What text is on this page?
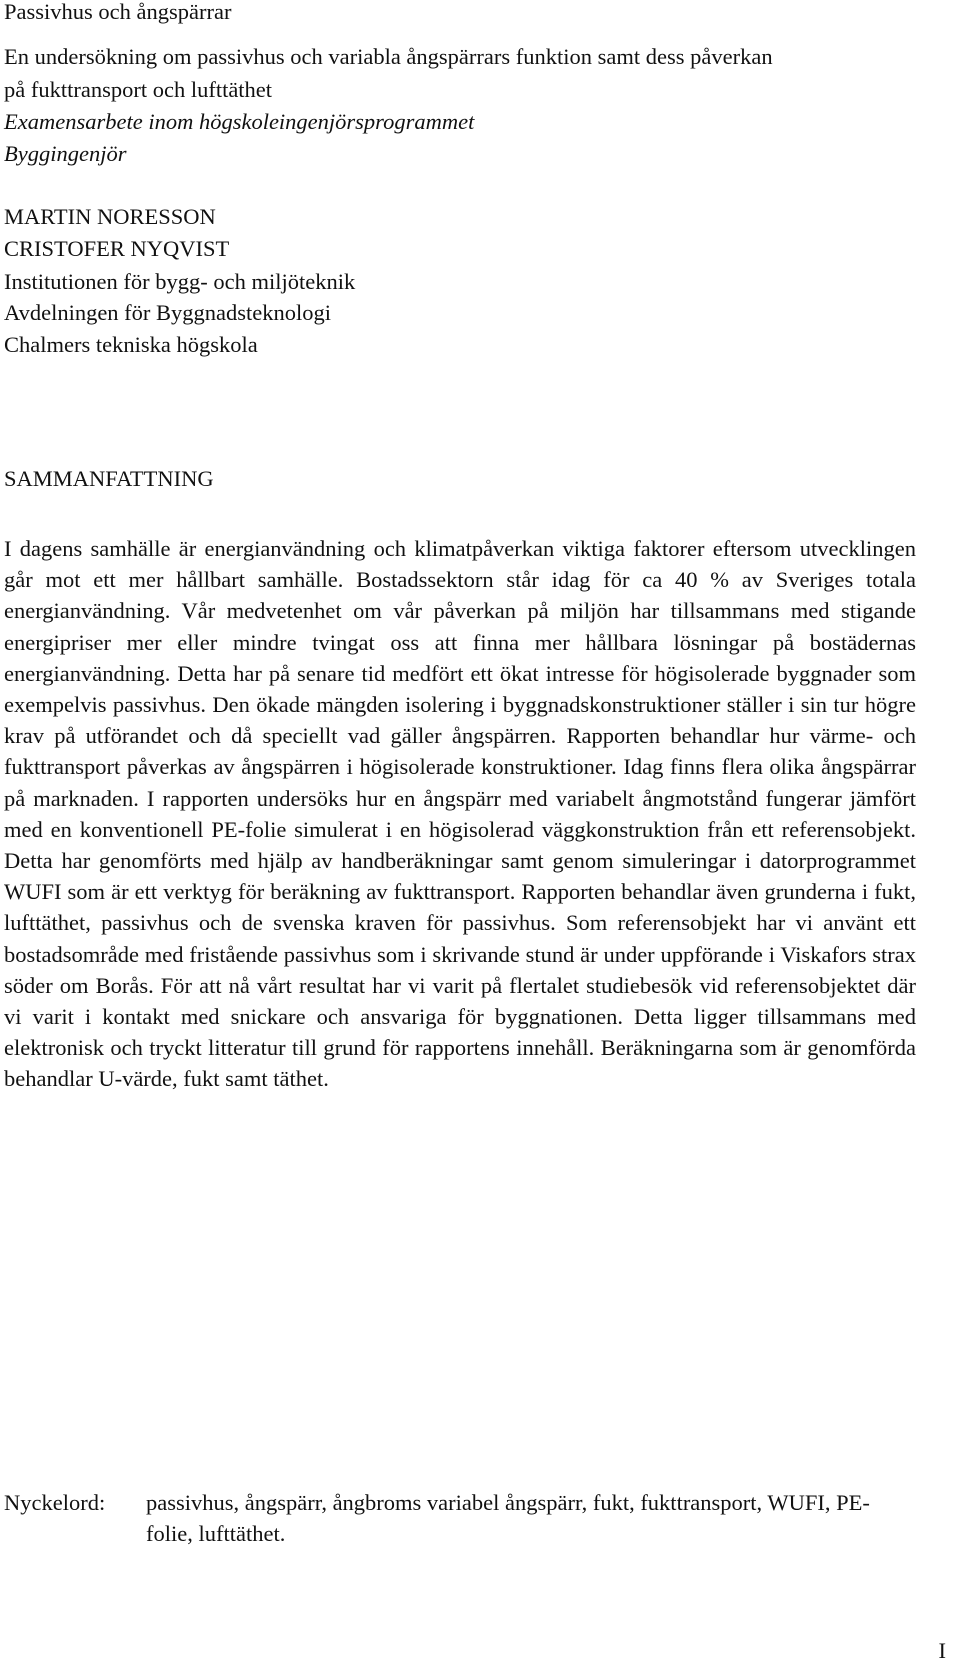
Passivhus och ångspärrar
En undersökning om passivhus och variabla ångspärrars funktion samt dess påverkan
på fukttransport och lufttäthet
Examensarbete inom högskoleingenjörsprogrammet
Byggingenjör
MARTIN NORESSON
CRISTOFER NYQVIST
Institutionen för bygg- och miljöteknik
Avdelningen för Byggnadsteknologi
Chalmers tekniska högskola
SAMMANFATTNING

I dagens samhälle är energianvändning och klimatpåverkan viktiga faktorer eftersom utvecklingen går mot ett mer hållbart samhälle. Bostadssektorn står idag för ca 40 % av Sveriges totala energianvändning. Vår medvetenhet om vår påverkan på miljön har tillsammans med stigande energipriser mer eller mindre tvingat oss att finna mer hållbara lösningar på bostädernas energianvändning. Detta har på senare tid medfört ett ökat intresse för högisolerade byggnader som exempelvis passivhus. Den ökade mängden isolering i byggnadskonstruktioner ställer i sin tur högre krav på utförandet och då speciellt vad gäller ångspärren. Rapporten behandlar hur värme- och fukttransport påverkas av ångspärren i högisolerade konstruktioner. Idag finns flera olika ångspärrar på marknaden. I rapporten undersöks hur en ångspärr med variabelt ångmotstånd fungerar jämfört med en konventionell PE-folie simulerat i en högisolerad väggkonstruktion från ett referensobjekt. Detta har genomförts med hjälp av handberäkningar samt genom simuleringar i datorprogrammet WUFI som är ett verktyg för beräkning av fukttransport. Rapporten behandlar även grunderna i fukt, lufttäthet, passivhus och de svenska kraven för passivhus. Som referensobjekt har vi använt ett bostadsområde med fristående passivhus som i skrivande stund är under uppförande i Viskafors strax söder om Borås. För att nå vårt resultat har vi varit på flertalet studiebesök vid referensobjektet där vi varit i kontakt med snickare och ansvariga för byggnationen. Detta ligger tillsammans med elektronisk och tryckt litteratur till grund för rapportens innehåll. Beräkningarna som är genomförda behandlar U-värde, fukt samt täthet.

Nyckelord: passivhus, ångspärr, ångbroms variabel ångspärr, fukt, fukttransport, WUFI, PE-folie, lufttäthet.
I
